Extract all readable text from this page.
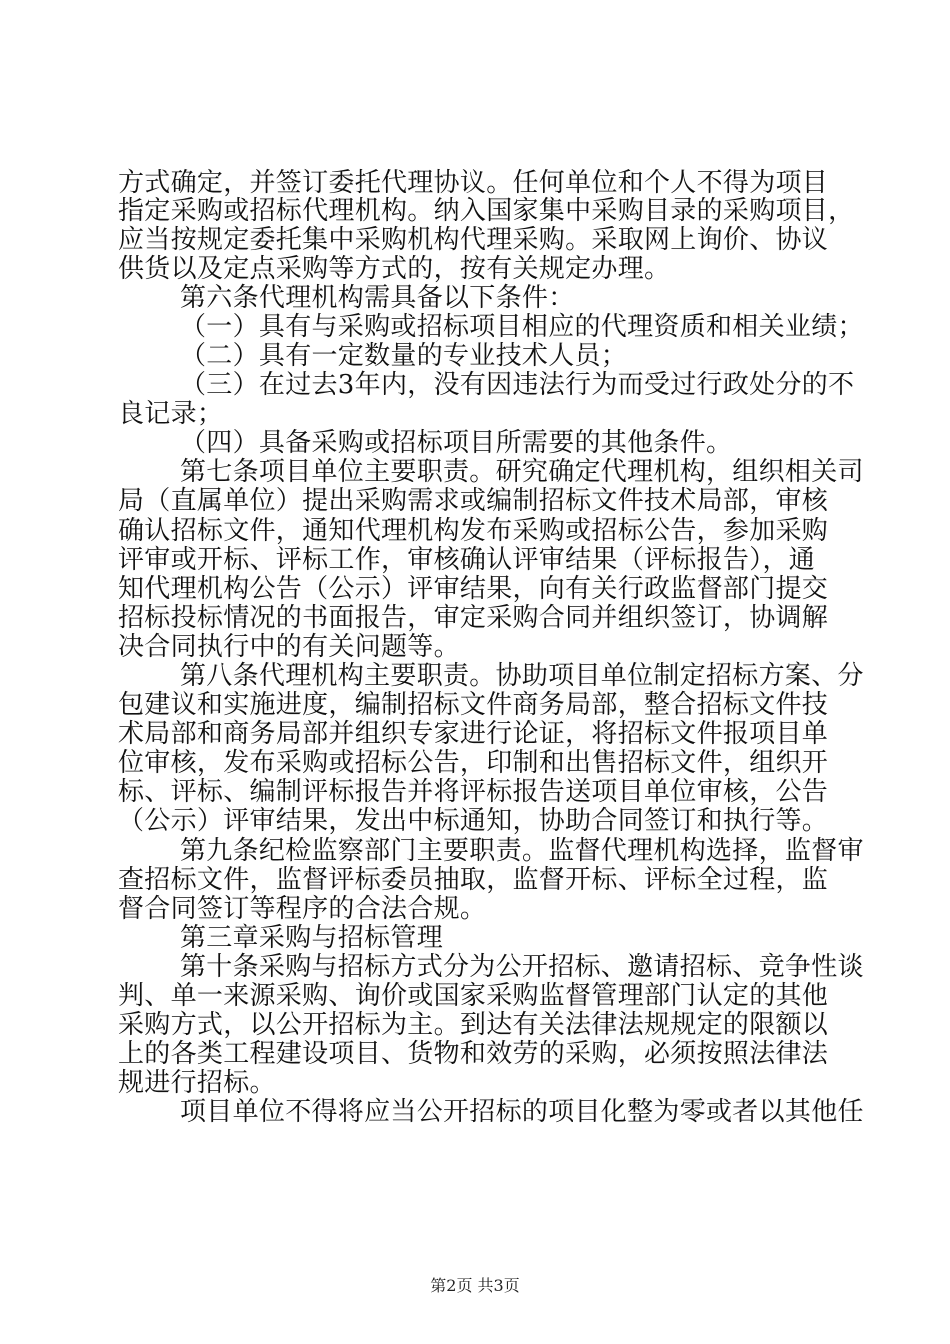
方式确定，并签订委托代理协议。任何单位和个人不得为项目
指定采购或招标代理机构。纳入国家集中采购目录的采购项目，
应当按规定委托集中采购机构代理采购。采取网上询价、协议
供货以及定点采购等方式的，按有关规定办理。
第六条代理机构需具备以下条件：
（一）具有与采购或招标项目相应的代理资质和相关业绩；
（二）具有一定数量的专业技术人员；
（三）在过去3年内，没有因违法行为而受过行政处分的不
良记录；
（四）具备采购或招标项目所需要的其他条件。
第七条项目单位主要职责。研究确定代理机构，组织相关司
局（直属单位）提出采购需求或编制招标文件技术局部，审核
确认招标文件，通知代理机构发布采购或招标公告，参加采购
评审或开标、评标工作，审核确认评审结果（评标报告），通
知代理机构公告（公示）评审结果，向有关行政监督部门提交
招标投标情况的书面报告，审定采购合同并组织签订，协调解
决合同执行中的有关问题等。
第八条代理机构主要职责。协助项目单位制定招标方案、分
包建议和实施进度，编制招标文件商务局部，整合招标文件技
术局部和商务局部并组织专家进行论证，将招标文件报项目单
位审核，发布采购或招标公告，印制和出售招标文件，组织开
标、评标、编制评标报告并将评标报告送项目单位审核，公告
（公示）评审结果，发出中标通知，协助合同签订和执行等。
第九条纪检监察部门主要职责。监督代理机构选择，监督审
查招标文件，监督评标委员抽取，监督开标、评标全过程，监
督合同签订等程序的合法合规。
第三章采购与招标管理
第十条采购与招标方式分为公开招标、邀请招标、竞争性谈
判、单一来源采购、询价或国家采购监督管理部门认定的其他
采购方式，以公开招标为主。到达有关法律法规规定的限额以
上的各类工程建设项目、货物和效劳的采购，必须按照法律法
规进行招标。
项目单位不得将应当公开招标的项目化整为零或者以其他任
第2页 共3页
